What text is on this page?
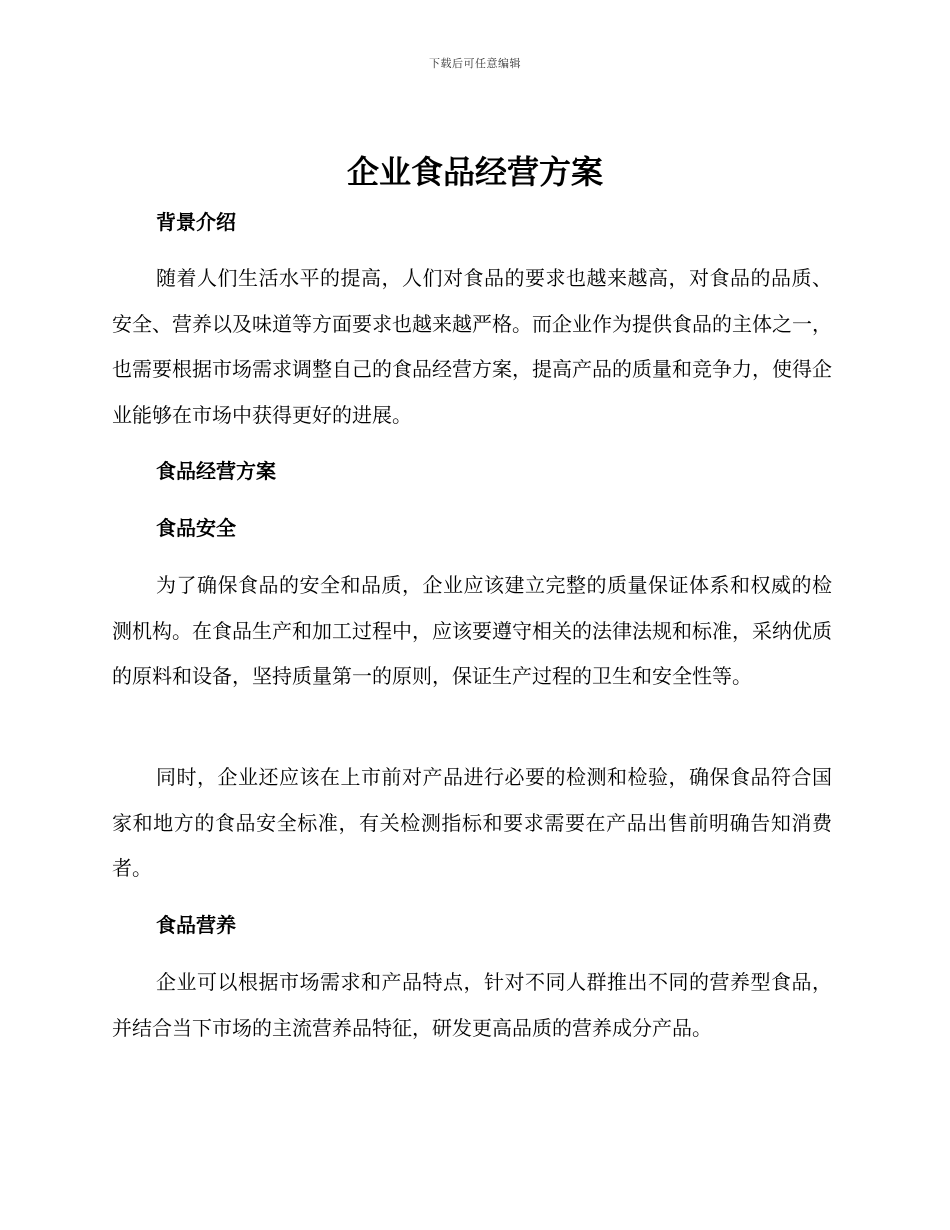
下载后可任意编辑
企业食品经营方案

背景介绍

随着人们生活水平的提高，人们对食品的要求也越来越高，对食品的品质、安全、营养以及味道等方面要求也越来越严格。而企业作为提供食品的主体之一，也需要根据市场需求调整自己的食品经营方案，提高产品的质量和竞争力，使得企业能够在市场中获得更好的进展。

食品经营方案

食品安全

为了确保食品的安全和品质，企业应该建立完整的质量保证体系和权威的检测机构。在食品生产和加工过程中，应该要遵守相关的法律法规和标准，采纳优质的原料和设备，坚持质量第一的原则，保证生产过程的卫生和安全性等。

同时，企业还应该在上市前对产品进行必要的检测和检验，确保食品符合国家和地方的食品安全标准，有关检测指标和要求需要在产品出售前明确告知消费者。

食品营养

企业可以根据市场需求和产品特点，针对不同人群推出不同的营养型食品，并结合当下市场的主流营养品特征，研发更高品质的营养成分产品。
